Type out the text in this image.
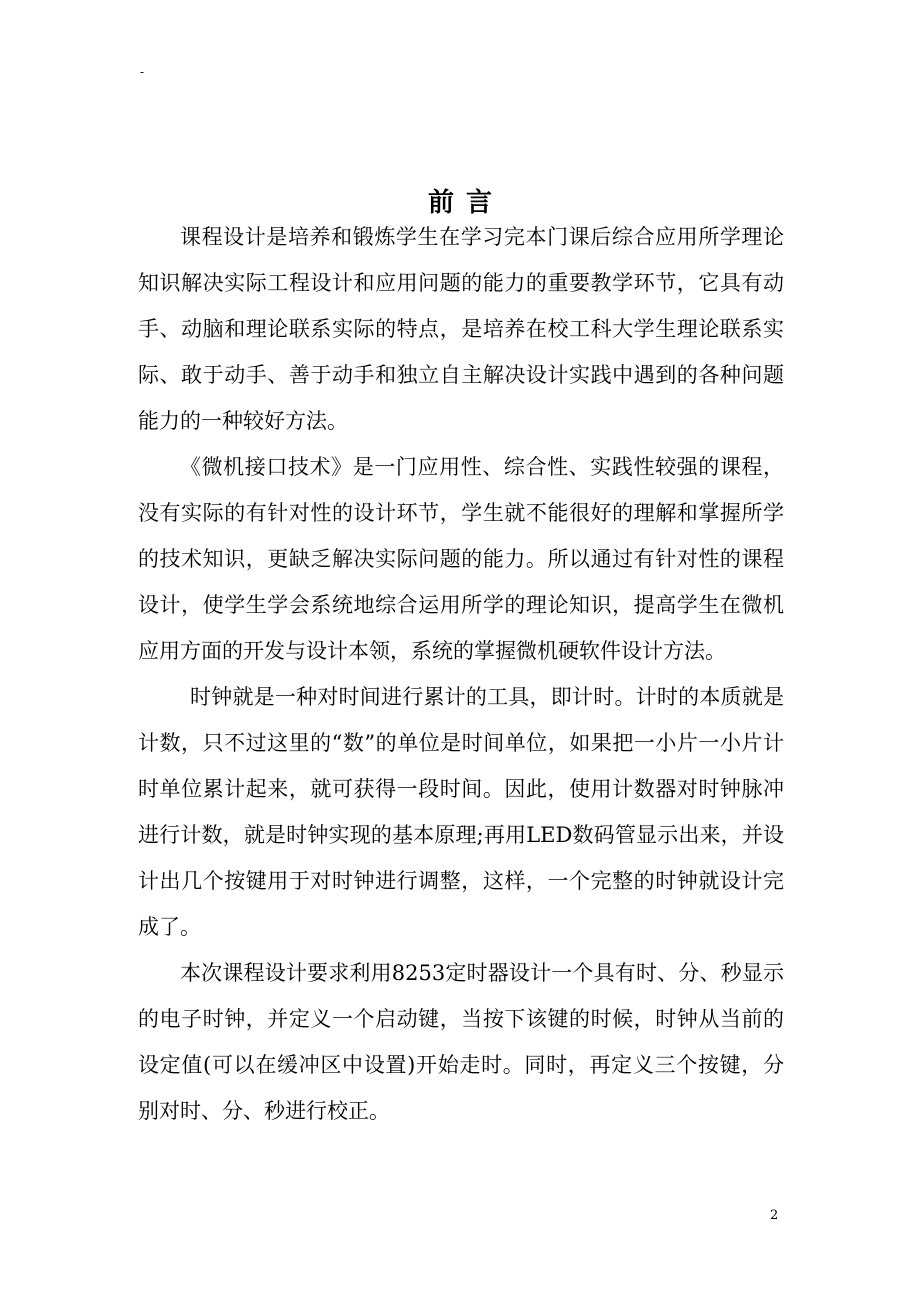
-
前言

课程设计是培养和锻炼学生在学习完本门课后综合应用所学理论知识解决实际工程设计和应用问题的能力的重要教学环节，它具有动手、动脑和理论联系实际的特点，是培养在校工科大学生理论联系实际、敢于动手、善于动手和独立自主解决设计实践中遇到的各种问题能力的一种较好方法。

《微机接口技术》是一门应用性、综合性、实践性较强的课程，没有实际的有针对性的设计环节，学生就不能很好的理解和掌握所学的技术知识，更缺乏解决实际问题的能力。所以通过有针对性的课程设计，使学生学会系统地综合运用所学的理论知识，提高学生在微机应用方面的开发与设计本领，系统的掌握微机硬软件设计方法。

时钟就是一种对时间进行累计的工具，即计时。计时的本质就是计数，只不过这里的“数”的单位是时间单位，如果把一小片一小片计时单位累计起来，就可获得一段时间。因此，使用计数器对时钟脉冲进行计数，就是时钟实现的基本原理;再用LED数码管显示出来，并设计出几个按键用于对时钟进行调整，这样，一个完整的时钟就设计完成了。

本次课程设计要求利用8253定时器设计一个具有时、分、秒显示的电子时钟，并定义一个启动键，当按下该键的时候，时钟从当前的设定值(可以在缓冲区中设置)开始走时。同时，再定义三个按键，分别对时、分、秒进行校正。

2
